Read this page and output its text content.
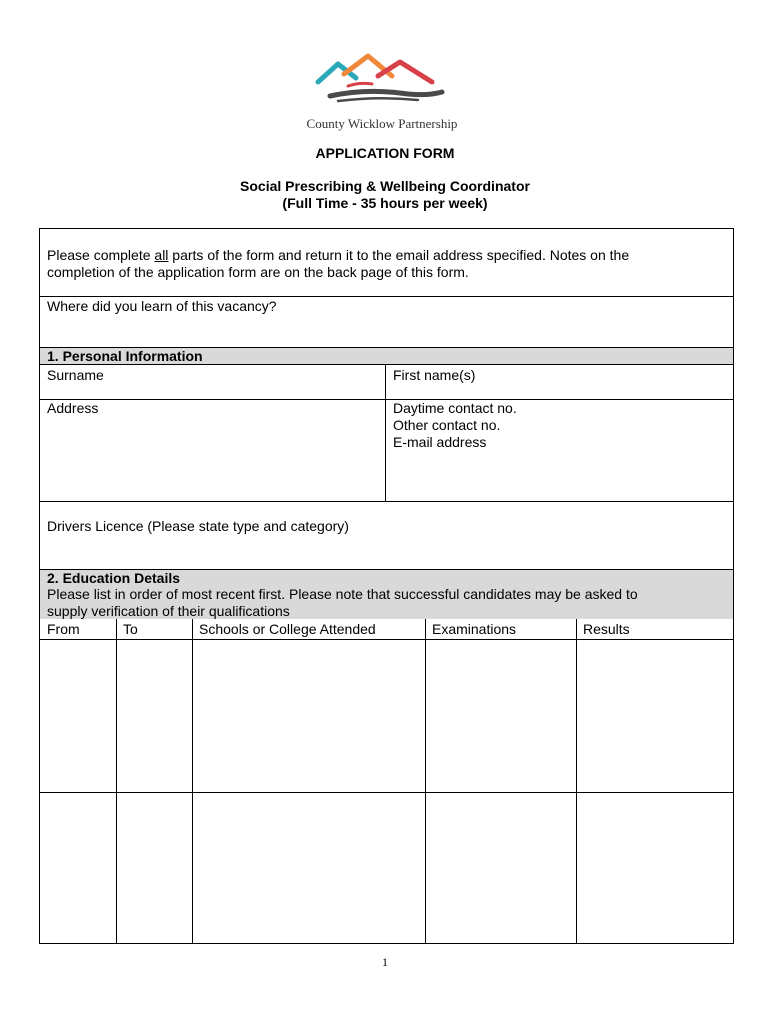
County Wicklow Partnership
APPLICATION FORM
Social Prescribing & Wellbeing Coordinator
(Full Time - 35 hours per week)
Please complete all parts of the form and return it to the email address specified. Notes on the
completion of the application form are on the back page of this form.
Where did you learn of this vacancy?
1. Personal Information
Surname	First name(s)
Address	Daytime contact no.
Other contact no.
E-mail address
Drivers Licence (Please state type and category)
2. Education Details
Please list in order of most recent first. Please note that successful candidates may be asked to
supply verification of their qualifications
From	To	Schools or College Attended	Examinations	Results
1
